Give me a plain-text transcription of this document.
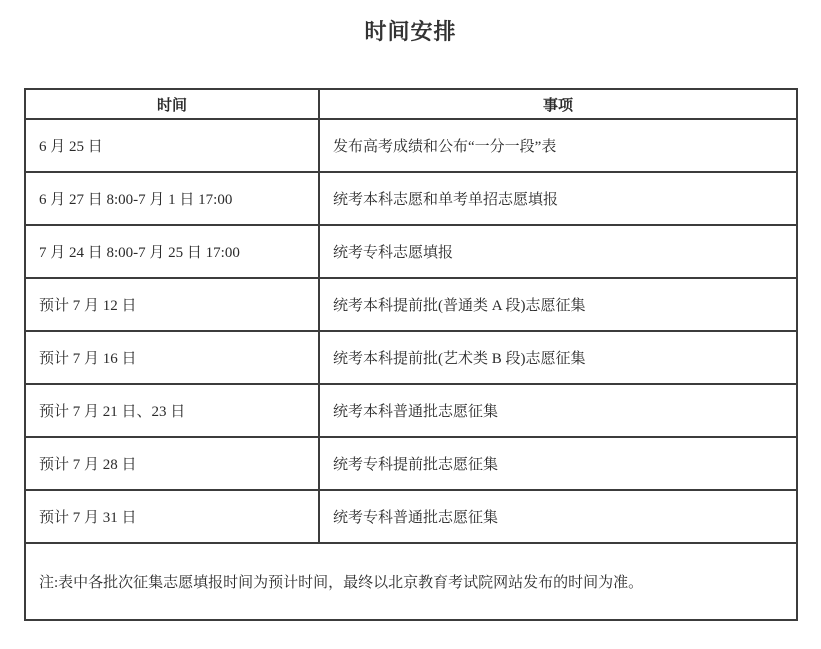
时间安排
时间	事项
6 月 25 日	发布高考成绩和公布“一分一段”表
6 月 27 日 8:00-7 月 1 日 17:00	统考本科志愿和单考单招志愿填报
7 月 24 日 8:00-7 月 25 日 17:00	统考专科志愿填报
预计 7 月 12 日	统考本科提前批(普通类 A 段)志愿征集
预计 7 月 16 日	统考本科提前批(艺术类 B 段)志愿征集
预计 7 月 21 日、23 日	统考本科普通批志愿征集
预计 7 月 28 日	统考专科提前批志愿征集
预计 7 月 31 日	统考专科普通批志愿征集
注:表中各批次征集志愿填报时间为预计时间，最终以北京教育考试院网站发布的时间为准。	
